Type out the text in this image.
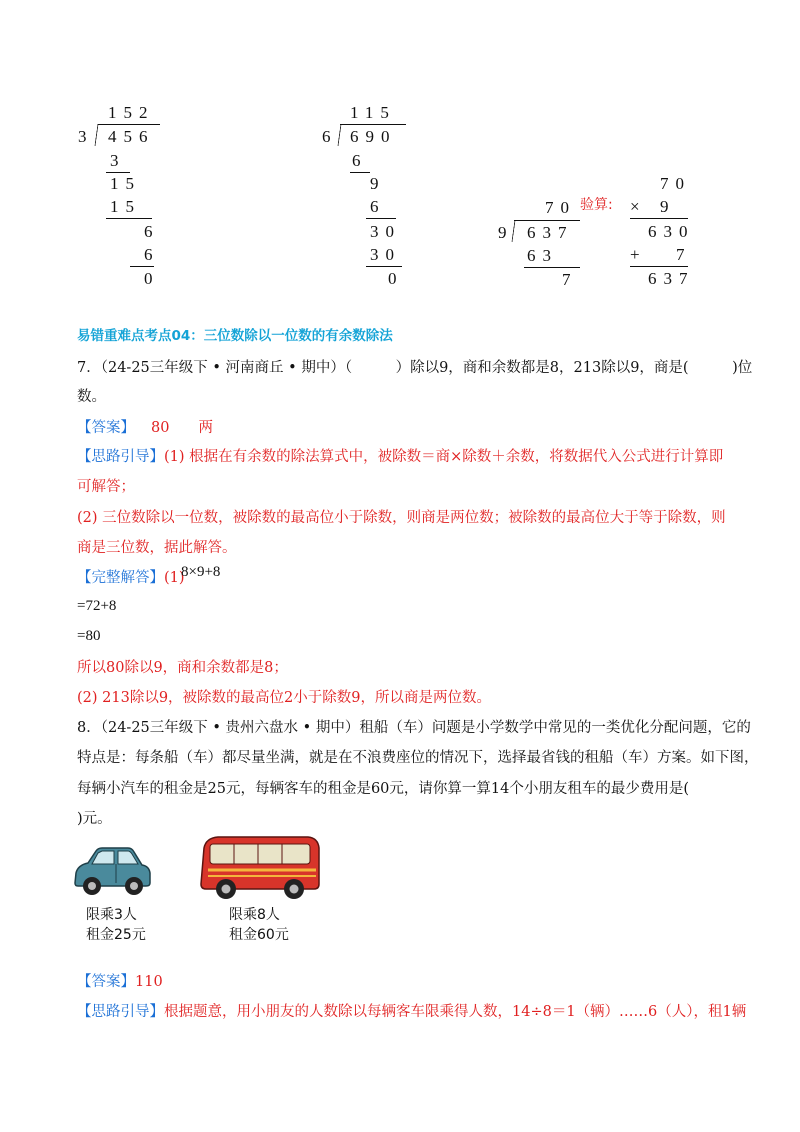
152
3 456
3
15
15
6
6
0
115
6 690
6
9
6
30
30
0
70
9 637
63
7
验算:
70
× 9
630
+ 7
637
易错重难点考点04：三位数除以一位数的有余数除法
7．（24-25三年级下 • 河南商丘 • 期中）（　　　）除以9，商和余数都是8，213除以9，商是(　　　)位
数。
【答案】 80　　两
【思路引导】(1) 根据在有余数的除法算式中，被除数＝商×除数＋余数，将数据代入公式进行计算即
可解答；
(2) 三位数除以一位数，被除数的最高位小于除数，则商是两位数；被除数的最高位大于等于除数，则
商是三位数，据此解答。
【完整解答】(1)
8×9+8
=72+8
=80
所以80除以9，商和余数都是8；
(2) 213除以9，被除数的最高位2小于除数9，所以商是两位数。
8．（24-25三年级下 • 贵州六盘水 • 期中）租船（车）问题是小学数学中常见的一类优化分配问题，它的
特点是：每条船（车）都尽量坐满，就是在不浪费座位的情况下，选择最省钱的租船（车）方案。如下图，
每辆小汽车的租金是25元，每辆客车的租金是60元，请你算一算14个小朋友租车的最少费用是(
)元。
限乘3人
租金25元
限乘8人
租金60元
【答案】110
【思路引导】根据题意，用小朋友的人数除以每辆客车限乘得人数，14÷8＝1（辆）……6（人），租1辆
